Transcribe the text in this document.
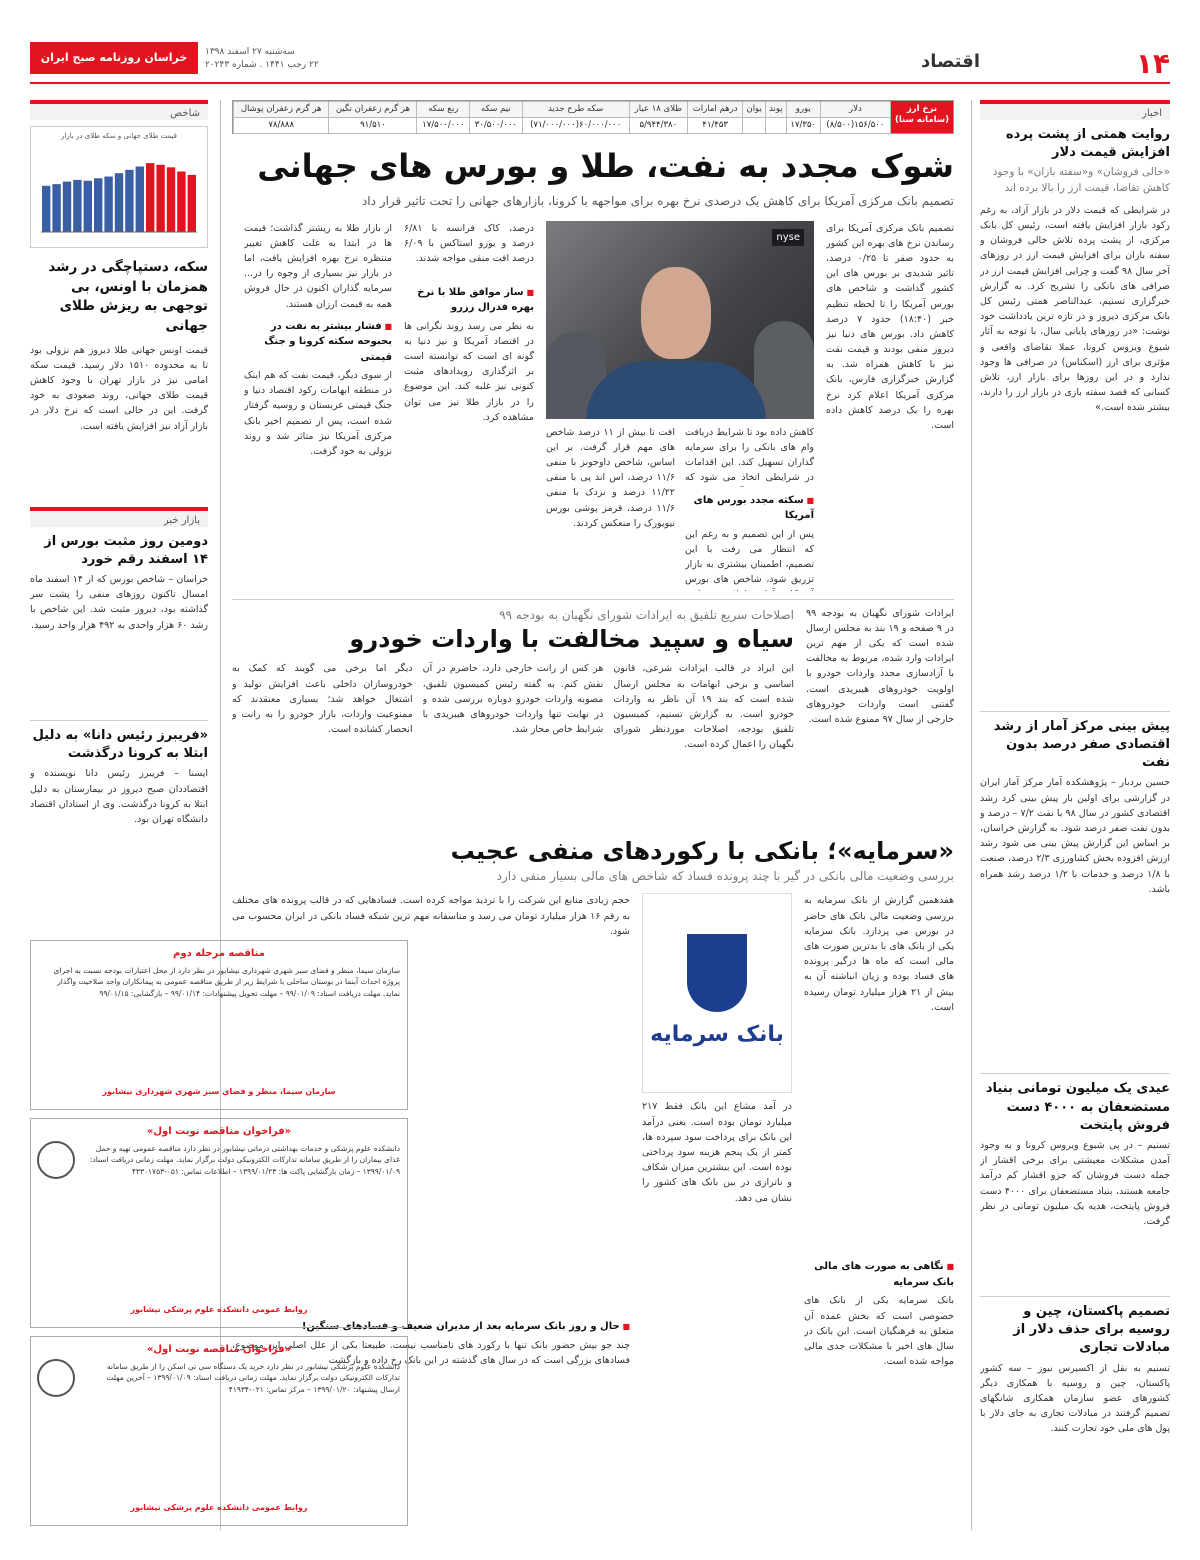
۱۴
اقتصاد
سه‌شنبه ۲۷ اسفند ۱۳۹۸
۲۲ رجب ۱۴۴۱ . شماره ۲۰۲۴۳
خراسان روزنامه صبح ایران
اخبار
روایت همتی از پشت پرده افزایش قیمت دلار
«خالی فروشان» و«سفته بازان» با وجود کاهش تقاضا، قیمت ارز را بالا برده اند
در شرایطی که قیمت دلار در بازار آزاد، به رغم رکود بازار افزایش یافته است، رئیس کل بانک مرکزی، از پشت پرده تلاش خالی فروشان و سفته بازان برای افزایش قیمت ارز در روزهای آخر سال ۹۸ گفت و چرایی افزایش قیمت ارز در صرافی های بانکی را تشریح کرد. به گزارش خبرگزاری تسنیم، عبدالناصر همتی رئیس کل بانک مرکزی دیروز و در تازه ترین یادداشت خود نوشت: «در روزهای پایانی سال، با توجه به آثار شیوع ویروس کرونا، عملا تقاضای واقعی و مؤثری برای ارز (اسکناس) در صرافی ها وجود ندارد و در این روزها برای بازار ارز، تلاش کسانی که قصد سفته بازی در بازار ارز را دارند، بیشتر شده است.»
پیش بینی مرکز آمار از رشد اقتصادی صفر درصد بدون نفت
حسین بردبار – پژوهشکده آمار مرکز آمار ایران در گزارشی برای اولین بار پیش بینی کرد رشد اقتصادی کشور در سال ۹۸ با نفت ۷/۲ – درصد و بدون نفت صفر درصد شود. به گزارش خراسان، بر اساس این گزارش پیش بینی می شود رشد ارزش افزوده بخش کشاورزی ۲/۳ درصد، صنعت با ۱/۸ درصد و خدمات با ۱/۲ درصد رشد همراه باشد.
عیدی یک میلیون تومانی بنیاد مستضعفان به ۴۰۰۰ دست فروش پایتخت
تسنیم – در پی شیوع ویروس کرونا و به وجود آمدن مشکلات معیشتی برای برخی اقشار از جمله دست فروشان که جزو اقشار کم درآمد جامعه هستند، بنیاد مستضعفان برای ۴۰۰۰ دست فروش پایتخت، هدیه یک میلیون تومانی در نظر گرفت.
تصمیم پاکستان، چین و روسیه برای حذف دلار از مبادلات تجاری
تسنیم به نقل از اکسپرس نیوز – سه کشور پاکستان، چین و روسیه با همکاری دیگر کشورهای عضو سازمان همکاری شانگهای تصمیم گرفتند در مبادلات تجاری به جای دلار با پول های ملی خود تجارت کنند.
نرخ ارز
(سامانه سنا)
دلار	یورو	پوند	یوان	درهم امارات	طلای ۱۸ عیار	سکه طرح جدید	نیم سکه	ربع سکه	هر گرم زعفران نگین	هر گرم زعفران پوشال
۱۵۶/۵۰۰(۸/۵۰۰)	۱۷/۳۵۰			۴۱/۴۵۳	۵/۹۴۴/۳۸۰	۶۰/۰۰۰/۰۰۰(۷۱/۰۰۰/۰۰۰)	۳۰/۵۰۰/۰۰۰	۱۷/۵۰۰/۰۰۰	۹۱/۵۱۰	۷۸/۸۸۸
شوک مجدد به نفت، طلا و بورس های جهانی
تصمیم بانک مرکزی آمریکا برای کاهش یک درصدی نرخ بهره برای مواجهه با کرونا، بازارهای جهانی را تحت تاثیر قرار داد
تصمیم بانک مرکزی آمریکا برای رساندن نرخ های بهره این کشور به حدود صفر تا ۰/۲۵ درصد، تاثیر شدیدی بر بورس های این کشور گذاشت و شاخص های بورس آمریکا را تا لحظه تنظیم خبر (۱۸:۴۰) حدود ۷ درصد کاهش داد. بورس های دنیا نیز دیروز منفی بودند و قیمت نفت نیز با کاهش همراه شد. به گزارش خبرگزاری فارس، بانک مرکزی آمریکا اعلام کرد نرخ بهره را یک درصد کاهش داده است.
nyse
کاهش داده بود تا شرایط دریافت وام های بانکی را برای سرمایه گذاران تسهیل کند. این اقدامات در شرایطی اتخاذ می شود که
■ سکته مجدد بورس های آمریکا
پس از این تصمیم و به رغم این که انتظار می رفت با این تصمیم، اطمینان بیشتری به بازار تزریق شود، شاخص های بورس
افت تا بیش از ۱۱ درصد شاخص های مهم قرار گرفت. بر این اساس، شاخص داوجونز با منفی ۱۱/۶ درصد، اس اند پی با منفی ۱۱/۲۲ درصد و نزدک با منفی ۱۱/۶ درصد، قرمز پوشی بورس نیویورک را منعکس کردند.
درصد، کاک فرانسه با ۶/۸۱ درصد و یورو استاکس با ۶/۰۹ درصد افت منفی مواجه شدند.
■ ساز موافق طلا با نرخ بهره فدرال رزرو
به نظر می رسد روند نگرانی ها در اقتصاد آمریکا و نیز دنیا به گونه ای است که توانسته است بر اثرگذاری رویدادهای مثبت کنونی نیز غلبه کند. این موضوع را در بازار طلا نیز می توان مشاهده کرد.
از بازار طلا به ریشتر گذاشت؛ قیمت ها در ابتدا به علت کاهش تغییر منتظره نرخ بهره افزایش یافت، اما در بازار نیز بسیاری از وجوه را در... سرمایه گذاران اکنون در حال فروش همه به قیمت ارزان هستند.
■ فشار بیشتر به نفت در بحبوحه سکته کرونا و جنگ قیمتی
از سوی دیگر، قیمت نفت که هم اینک در منطقه ابهامات رکود اقتصاد دنیا و جنگ قیمتی عربستان و روسیه گرفتار شده است، پس از تصمیم اخیر بانک مرکزی آمریکا نیز متاثر شد و روند نزولی به خود گرفت.
ایرادات شورای نگهبان به بودجه ۹۹ در ۹ صفحه و ۱۹ بند به مجلس ارسال شده است که یکی از مهم ترین ایرادات وارد شده، مربوط به مخالفت با آزادسازی مجدد واردات خودرو با اولویت خودروهای هیبریدی است. گفتنی است واردات خودروهای خارجی از سال ۹۷ ممنوع شده است.
اصلاحات سریع تلفیق به ایرادات شورای نگهبان به بودجه ۹۹
سیاه و سپید مخالفت با واردات خودرو
این ایراد در قالب ایرادات شرعی، قانون اساسی و برخی ابهامات به مجلس ارسال شده است که بند ۱۹ آن ناظر به واردات خودرو است. به گزارش تسنیم، کمیسیون تلفیق بودجه، اصلاحات موردنظر شورای نگهبان را اعمال کرده است.
هر کس از رانت خارجی دارد، حاضرم در آن نقش کنم. به گفته رئیس کمیسیون تلفیق، مصوبه واردات خودرو دوباره بررسی شده و در نهایت تنها واردات خودروهای هیبریدی با شرایط خاص مجاز شد.
دیگر اما برخی می گویند که کمک به خودروسازان داخلی باعث افزایش تولید و اشتغال خواهد شد؛ بسیاری معتقدند که ممنوعیت واردات، بازار خودرو را به رانت و انحصار کشانده است.
«سرمایه»؛ بانکی با رکوردهای منفی عجیب
بررسی وضعیت مالی بانکی در گیر با چند پرونده فساد که شاخص های مالی بسیار منفی دارد
هفدهمین گزارش از بانک سرمایه به بررسی وضعیت مالی بانک های حاضر در بورس می پردازد. بانک سرمایه یکی از بانک های با بدترین صورت های مالی است که ماه ها درگیر پرونده های فساد بوده و زیان انباشته آن به بیش از ۲۱ هزار میلیارد تومان رسیده است.
■ نگاهی به صورت های مالی بانک سرمایه
بانک سرمایه یکی از بانک های خصوصی است که بخش عمده آن متعلق به فرهنگیان است. این بانک در سال های اخیر با مشکلات جدی مالی مواجه شده است.
بانک سرمایه
در آمد مشاع این بانک فقط ۲۱۷ میلیارد تومان بوده است. یعنی درآمد این بانک برای پرداخت سود سپرده ها، کمتر از یک پنجم هزینه سود پرداختی بوده است. این بیشترین میزان شکاف و ناترازی در بین بانک های کشور را نشان می دهد.
حجم زیادی منابع این شرکت را با تردید مواجه کرده است. فسادهایی که در قالب پرونده های مختلف به رقم ۱۶ هزار میلیارد تومان می رسد و متاسفانه مهم ترین شبکه فساد بانکی در ایران محسوب می شود.
■ حال و روز بانک سرمایه بعد از مدیران ضعیف و فسادهای سنگین!
چند جو بیش حضور بانک تنها با رکورد های نامناسب نیست. طبیعتا یکی از علل اصلی این موضوع، فسادهای بزرگی است که در سال های گذشته در این بانک رخ داده و بازگشت
مناقصه مرحله دوم
سازمان سیما، منظر و فضای سبز شهری شهرداری نیشابور در نظر دارد از محل اعتبارات بودجه نسبت به اجرای پروژه احداث آبنما در بوستان ساحلی با شرایط زیر از طریق مناقصه عمومی به پیمانکاران واجد صلاحیت واگذار نماید. مهلت دریافت اسناد: ۹۹/۰۱/۰۹ – مهلت تحویل پیشنهادات: ۹۹/۰۱/۱۴ – بازگشایی: ۹۹/۰۱/۱۵
سازمان سیما، منظر و فضای سبز شهری شهرداری نیشابور
«فراخوان مناقصه نوبت اول»
دانشکده علوم پزشکی و خدمات بهداشتی درمانی نیشابور در نظر دارد مناقصه عمومی تهیه و حمل غذای بیماران را از طریق سامانه تدارکات الکترونیکی دولت برگزار نماید. مهلت زمانی دریافت اسناد: ۱۳۹۹/۰۱/۰۹ – زمان بازگشایی پاکت ها: ۱۳۹۹/۰۱/۲۳ – اطلاعات تماس: ۰۵۱-۴۳۳۰۱۷۵۳
روابط عمومی دانشکده علوم پزشکی نیشابور
«فراخوان مناقصه نوبت اول»
دانشکده علوم پزشکی نیشابور در نظر دارد خرید یک دستگاه سی تی اسکن را از طریق سامانه تدارکات الکترونیکی دولت برگزار نماید. مهلت زمانی دریافت اسناد: ۱۳۹۹/۰۱/۰۹ – آخرین مهلت ارسال پیشنهاد: ۱۳۹۹/۰۱/۲۰ – مرکز تماس: ۰۲۱-۴۱۹۳۴
روابط عمومی دانشکده علوم پزشکی نیشابور
شاخص
قیمت طلای جهانی و سکه طلای در بازار
سکه، دستپاچگی در رشد همزمان با اونس، بی توجهی به ریزش طلای جهانی
قیمت اونس جهانی طلا دیروز هم نزولی بود تا به محدوده ۱۵۱۰ دلار رسید. قیمت سکه امامی نیز در بازار تهران با وجود کاهش قیمت طلای جهانی، روند صعودی به خود گرفت. این در حالی است که نرخ دلار در بازار آزاد نیز افزایش یافته است.
بازار خبر
دومین روز مثبت بورس از ۱۴ اسفند رقم خورد
خراسان – شاخص بورس که از ۱۴ اسفند ماه امسال تاکنون روزهای منفی را پشت سر گذاشته بود، دیروز مثبت شد. این شاخص با رشد ۶۰ هزار واحدی به ۴۹۲ هزار واحد رسید.
«فریبرز رئیس دانا» به دلیل ابتلا به کرونا درگذشت
ایسنا – فریبرز رئیس دانا نویسنده و اقتصاددان صبح دیروز در بیمارستان به دلیل ابتلا به کرونا درگذشت. وی از استادان اقتصاد دانشگاه تهران بود.
